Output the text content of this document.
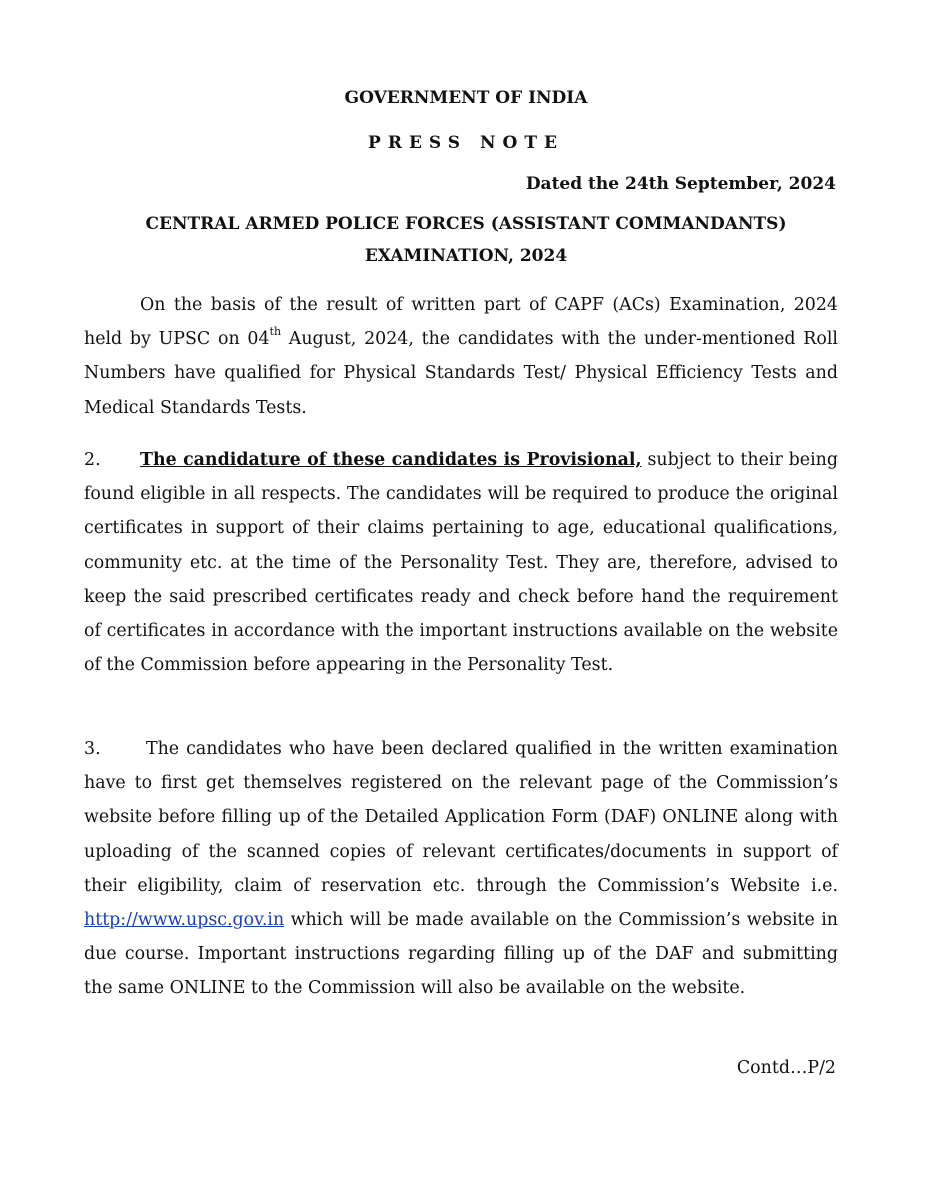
GOVERNMENT OF INDIA
PRESS NOTE
Dated the 24th September, 2024
CENTRAL ARMED POLICE FORCES (ASSISTANT COMMANDANTS)
EXAMINATION, 2024

On the basis of the result of written part of CAPF (ACs) Examination, 2024 held by UPSC on 04th August, 2024, the candidates with the under-mentioned Roll Numbers have qualified for Physical Standards Test/ Physical Efficiency Tests and Medical Standards Tests.

2. The candidature of these candidates is Provisional, subject to their being found eligible in all respects. The candidates will be required to produce the original certificates in support of their claims pertaining to age, educational qualifications, community etc. at the time of the Personality Test. They are, therefore, advised to keep the said prescribed certificates ready and check before hand the requirement of certificates in accordance with the important instructions available on the website of the Commission before appearing in the Personality Test.

3.	The candidates who have been declared qualified in the written examination have to first get themselves registered on the relevant page of the Commission’s website before filling up of the Detailed Application Form (DAF) ONLINE along with uploading of the scanned copies of relevant certificates/documents in support of their eligibility, claim of reservation etc. through the Commission’s Website i.e. http://www.upsc.gov.in which will be made available on the Commission’s website in due course. Important instructions regarding filling up of the DAF and submitting the same ONLINE to the Commission will also be available on the website.

Contd…P/2
